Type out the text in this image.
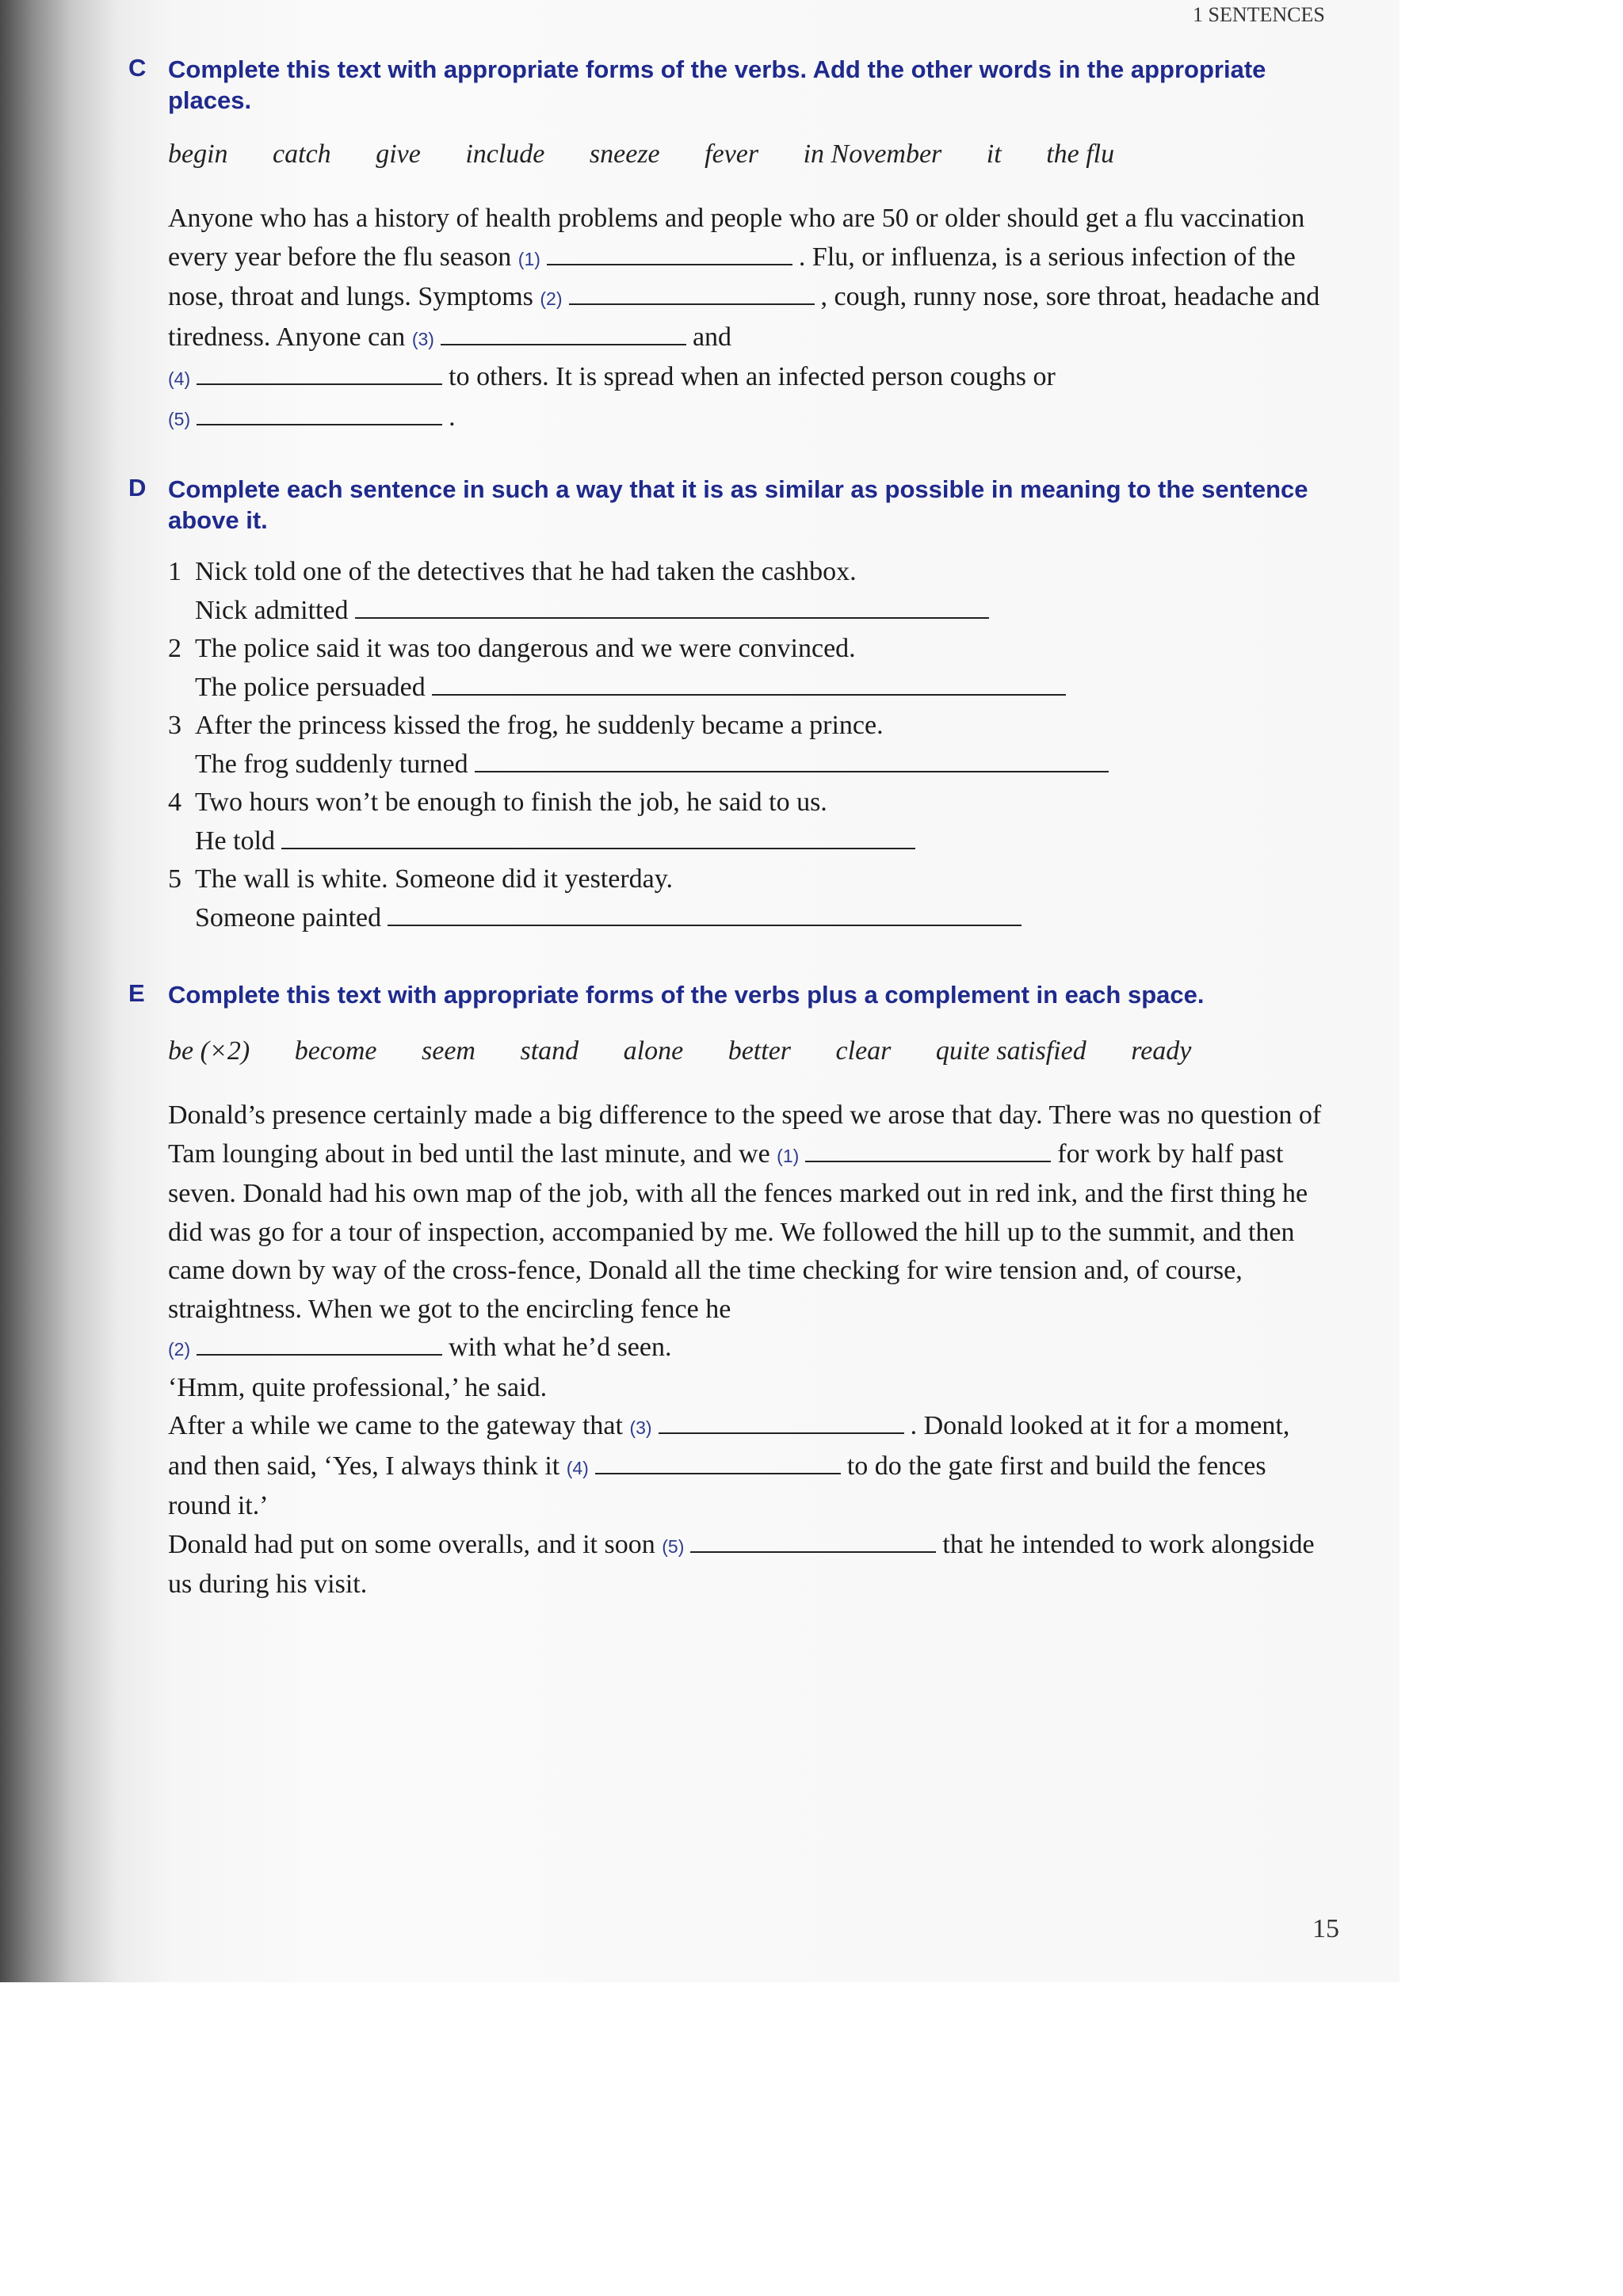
1 SENTENCES
C Complete this text with appropriate forms of the verbs. Add the other words in the appropriate places.
begin catch give include sneeze fever in November it the flu
Anyone who has a history of health problems and people who are 50 or older should get a flu vaccination every year before the flu season (1)	. Flu, or influenza, is a serious infection of the nose, throat and lungs. Symptoms (2)	, cough, runny nose, sore throat, headache and tiredness. Anyone can (3)	and
(4)	to others. It is spread when an infected person coughs or
(5)	.
D Complete each sentence in such a way that it is as similar as possible in meaning to the sentence above it.
1 Nick told one of the detectives that he had taken the cashbox.
Nick admitted
2 The police said it was too dangerous and we were convinced.
The police persuaded
3 After the princess kissed the frog, he suddenly became a prince.
The frog suddenly turned
4 Two hours won’t be enough to finish the job, he said to us.
He told
5 The wall is white. Someone did it yesterday.
Someone painted
E Complete this text with appropriate forms of the verbs plus a complement in each space.
be (×2) become seem stand alone better clear quite satisfied ready
Donald’s presence certainly made a big difference to the speed we arose that day. There was no question of Tam lounging about in bed until the last minute, and we (1)	for work by half past seven. Donald had his own map of the job, with all the fences marked out in red ink, and the first thing he did was go for a tour of inspection, accompanied by me. We followed the hill up to the summit, and then came down by way of the cross-fence, Donald all the time checking for wire tension and, of course, straightness. When we got to the encircling fence he
(2)	with what he’d seen.
‘Hmm, quite professional,’ he said.
After a while we came to the gateway that (3)	. Donald looked at it for a moment, and then said, ‘Yes, I always think it (4)	to do the gate first and build the fences round it.’
Donald had put on some overalls, and it soon (5)	that he intended to work alongside us during his visit.
15
